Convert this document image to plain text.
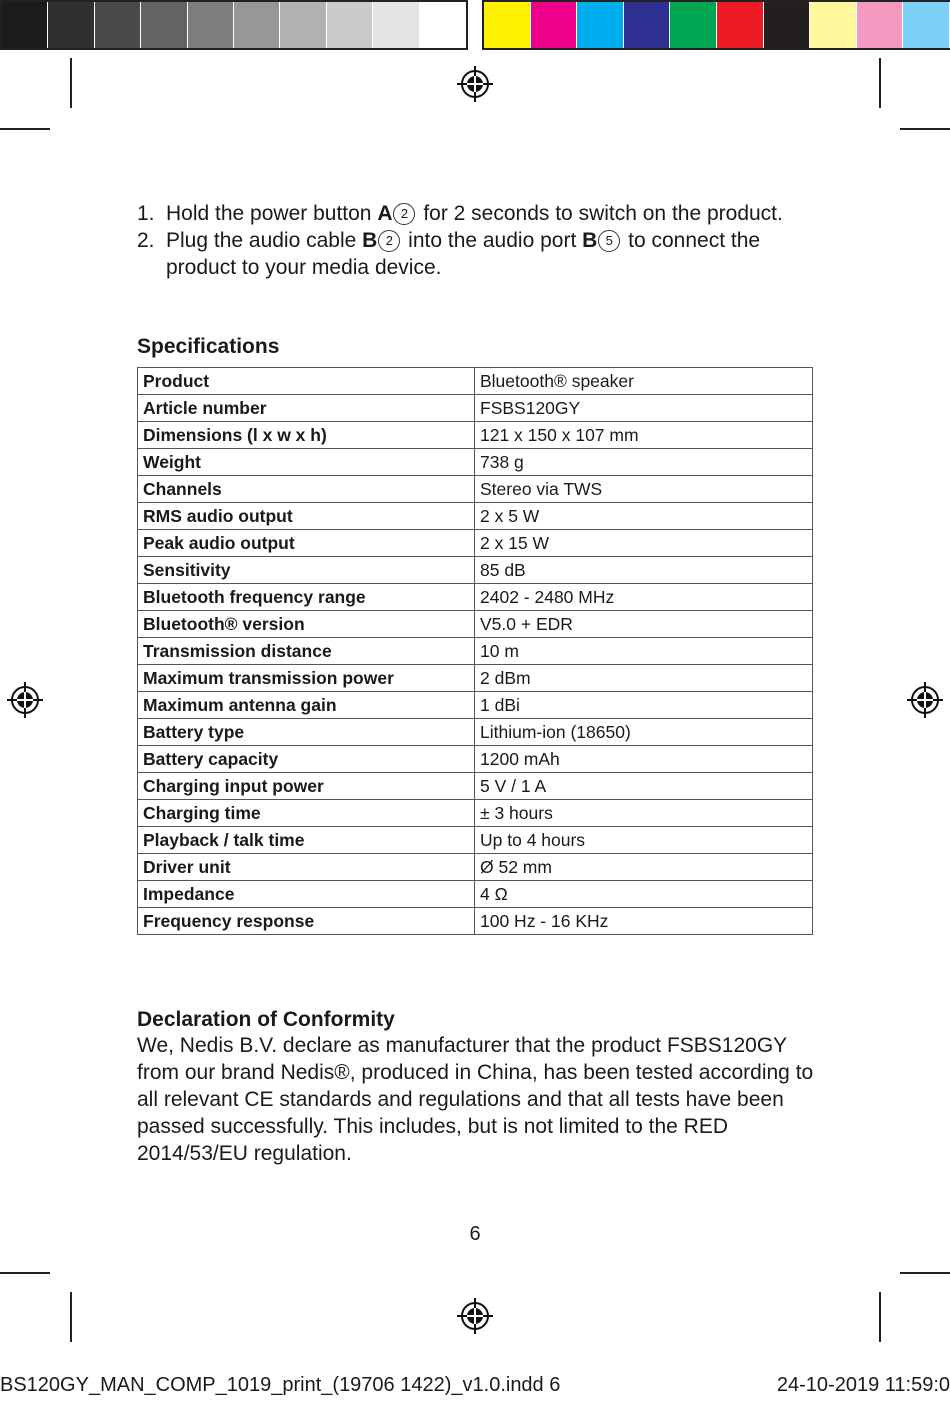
1. Hold the power button A 2 for 2 seconds to switch on the product.
2. Plug the audio cable B 2 into the audio port B 5 to connect the product to your media device.
Specifications
Product	Bluetooth® speaker
Article number	FSBS120GY
Dimensions (l x w x h)	121 x 150 x 107 mm
Weight	738 g
Channels	Stereo via TWS
RMS audio output	2 x 5 W
Peak audio output	2 x 15 W
Sensitivity	85 dB
Bluetooth frequency range	2402 - 2480 MHz
Bluetooth® version	V5.0 + EDR
Transmission distance	10 m
Maximum transmission power	2 dBm
Maximum antenna gain	1 dBi
Battery type	Lithium-ion (18650)
Battery capacity	1200 mAh
Charging input power	5 V / 1 A
Charging time	± 3 hours
Playback / talk time	Up to 4 hours
Driver unit	Ø 52 mm
Impedance	4 Ω
Frequency response	100 Hz - 16 KHz
Declaration of Conformity

We, Nedis B.V. declare as manufacturer that the product FSBS120GY from our brand Nedis®, produced in China, has been tested according to all relevant CE standards and regulations and that all tests have been passed successfully. This includes, but is not limited to the RED 2014/53/EU regulation.

6
BS120GY_MAN_COMP_1019_print_(19706 1422)_v1.0.indd 6	24-10-2019 11:59:0
